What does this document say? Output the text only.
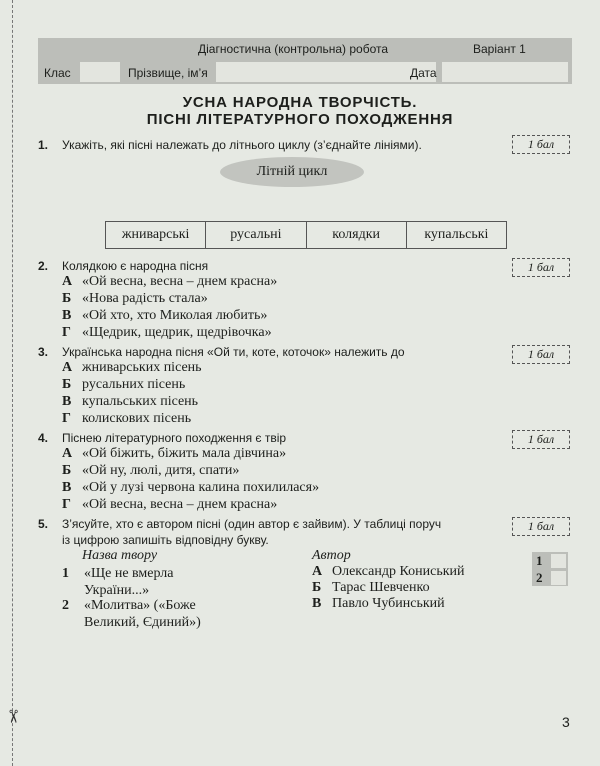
✂
Діагностична (контрольна) робота	Варіант 1
Клас	Прізвище, ім’я	Дата
УСНА НАРОДНА ТВОРЧІСТЬ.
ПІСНІ ЛІТЕРАТУРНОГО ПОХОДЖЕННЯ
1. Укажіть, які пісні належать до літнього циклу (з’єднайте лініями).	1 бал
Літній цикл
жниварські	русальні	колядки	купальські
2. Колядкою є народна пісня	1 бал
А «Ой весна, весна – днем красна»
Б «Нова радість стала»
В «Ой хто, хто Миколая любить»
Г «Щедрик, щедрик, щедрівочка»
3. Українська народна пісня «Ой ти, коте, коточок» належить до	1 бал
А жниварських пісень
Б русальних пісень
В купальських пісень
Г колискових пісень
4. Піснею літературного походження є твір	1 бал
А «Ой біжить, біжить мала дівчина»
Б «Ой ну, люлі, дитя, спати»
В «Ой у лузі червона калина похилилася»
Г «Ой весна, весна – днем красна»
5. З’ясуйте, хто є автором пісні (один автор є зайвим). У таблиці поруч
із цифрою запишіть відповідну букву.
1 бал
Назва твору	Автор
1 «Ще не вмерла
України...»
2 «Молитва» («Боже
Великий, Єдиний»)
А Олександр Кониський
Б Тарас Шевченко
В Павло Чубинський
1
2
3
